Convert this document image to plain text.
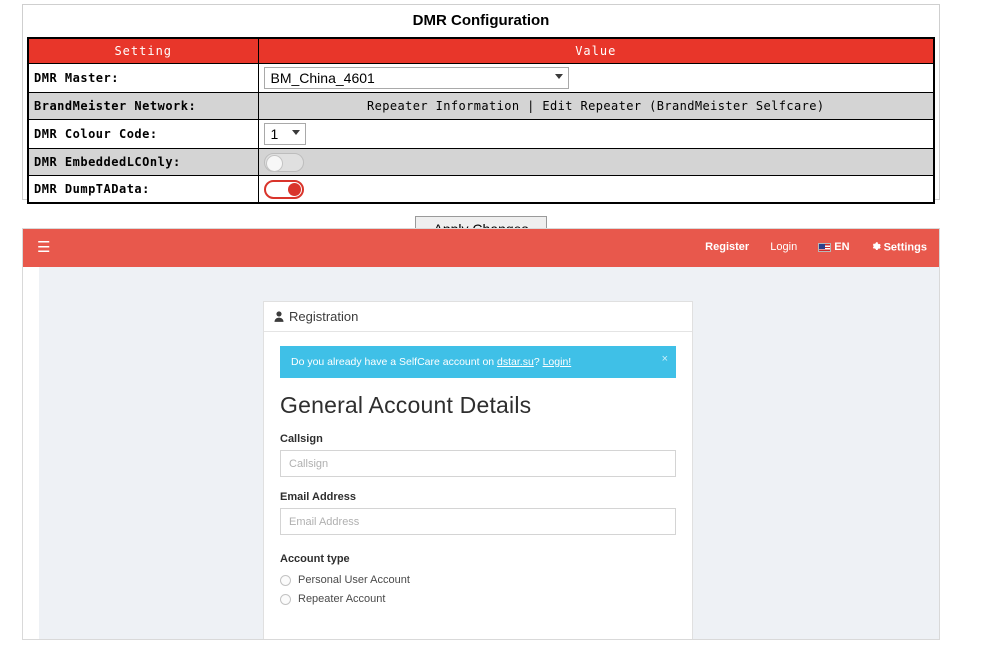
DMR Configuration
Setting	Value
DMR Master:	BM_China_4601

BrandMeister Network:	Repeater Information | Edit Repeater (BrandMeister Selfcare)
DMR Colour Code:	1

DMR EmbeddedLCOnly:	

DMR DumpTAData:	
☰	Register Login	EN	Settings
Registration
Do you already have a SelfCare account on dstar.su? Login!	×
General Account Details
Callsign
Callsign
Email Address
Email Address
Account type
Personal User Account
Repeater Account
